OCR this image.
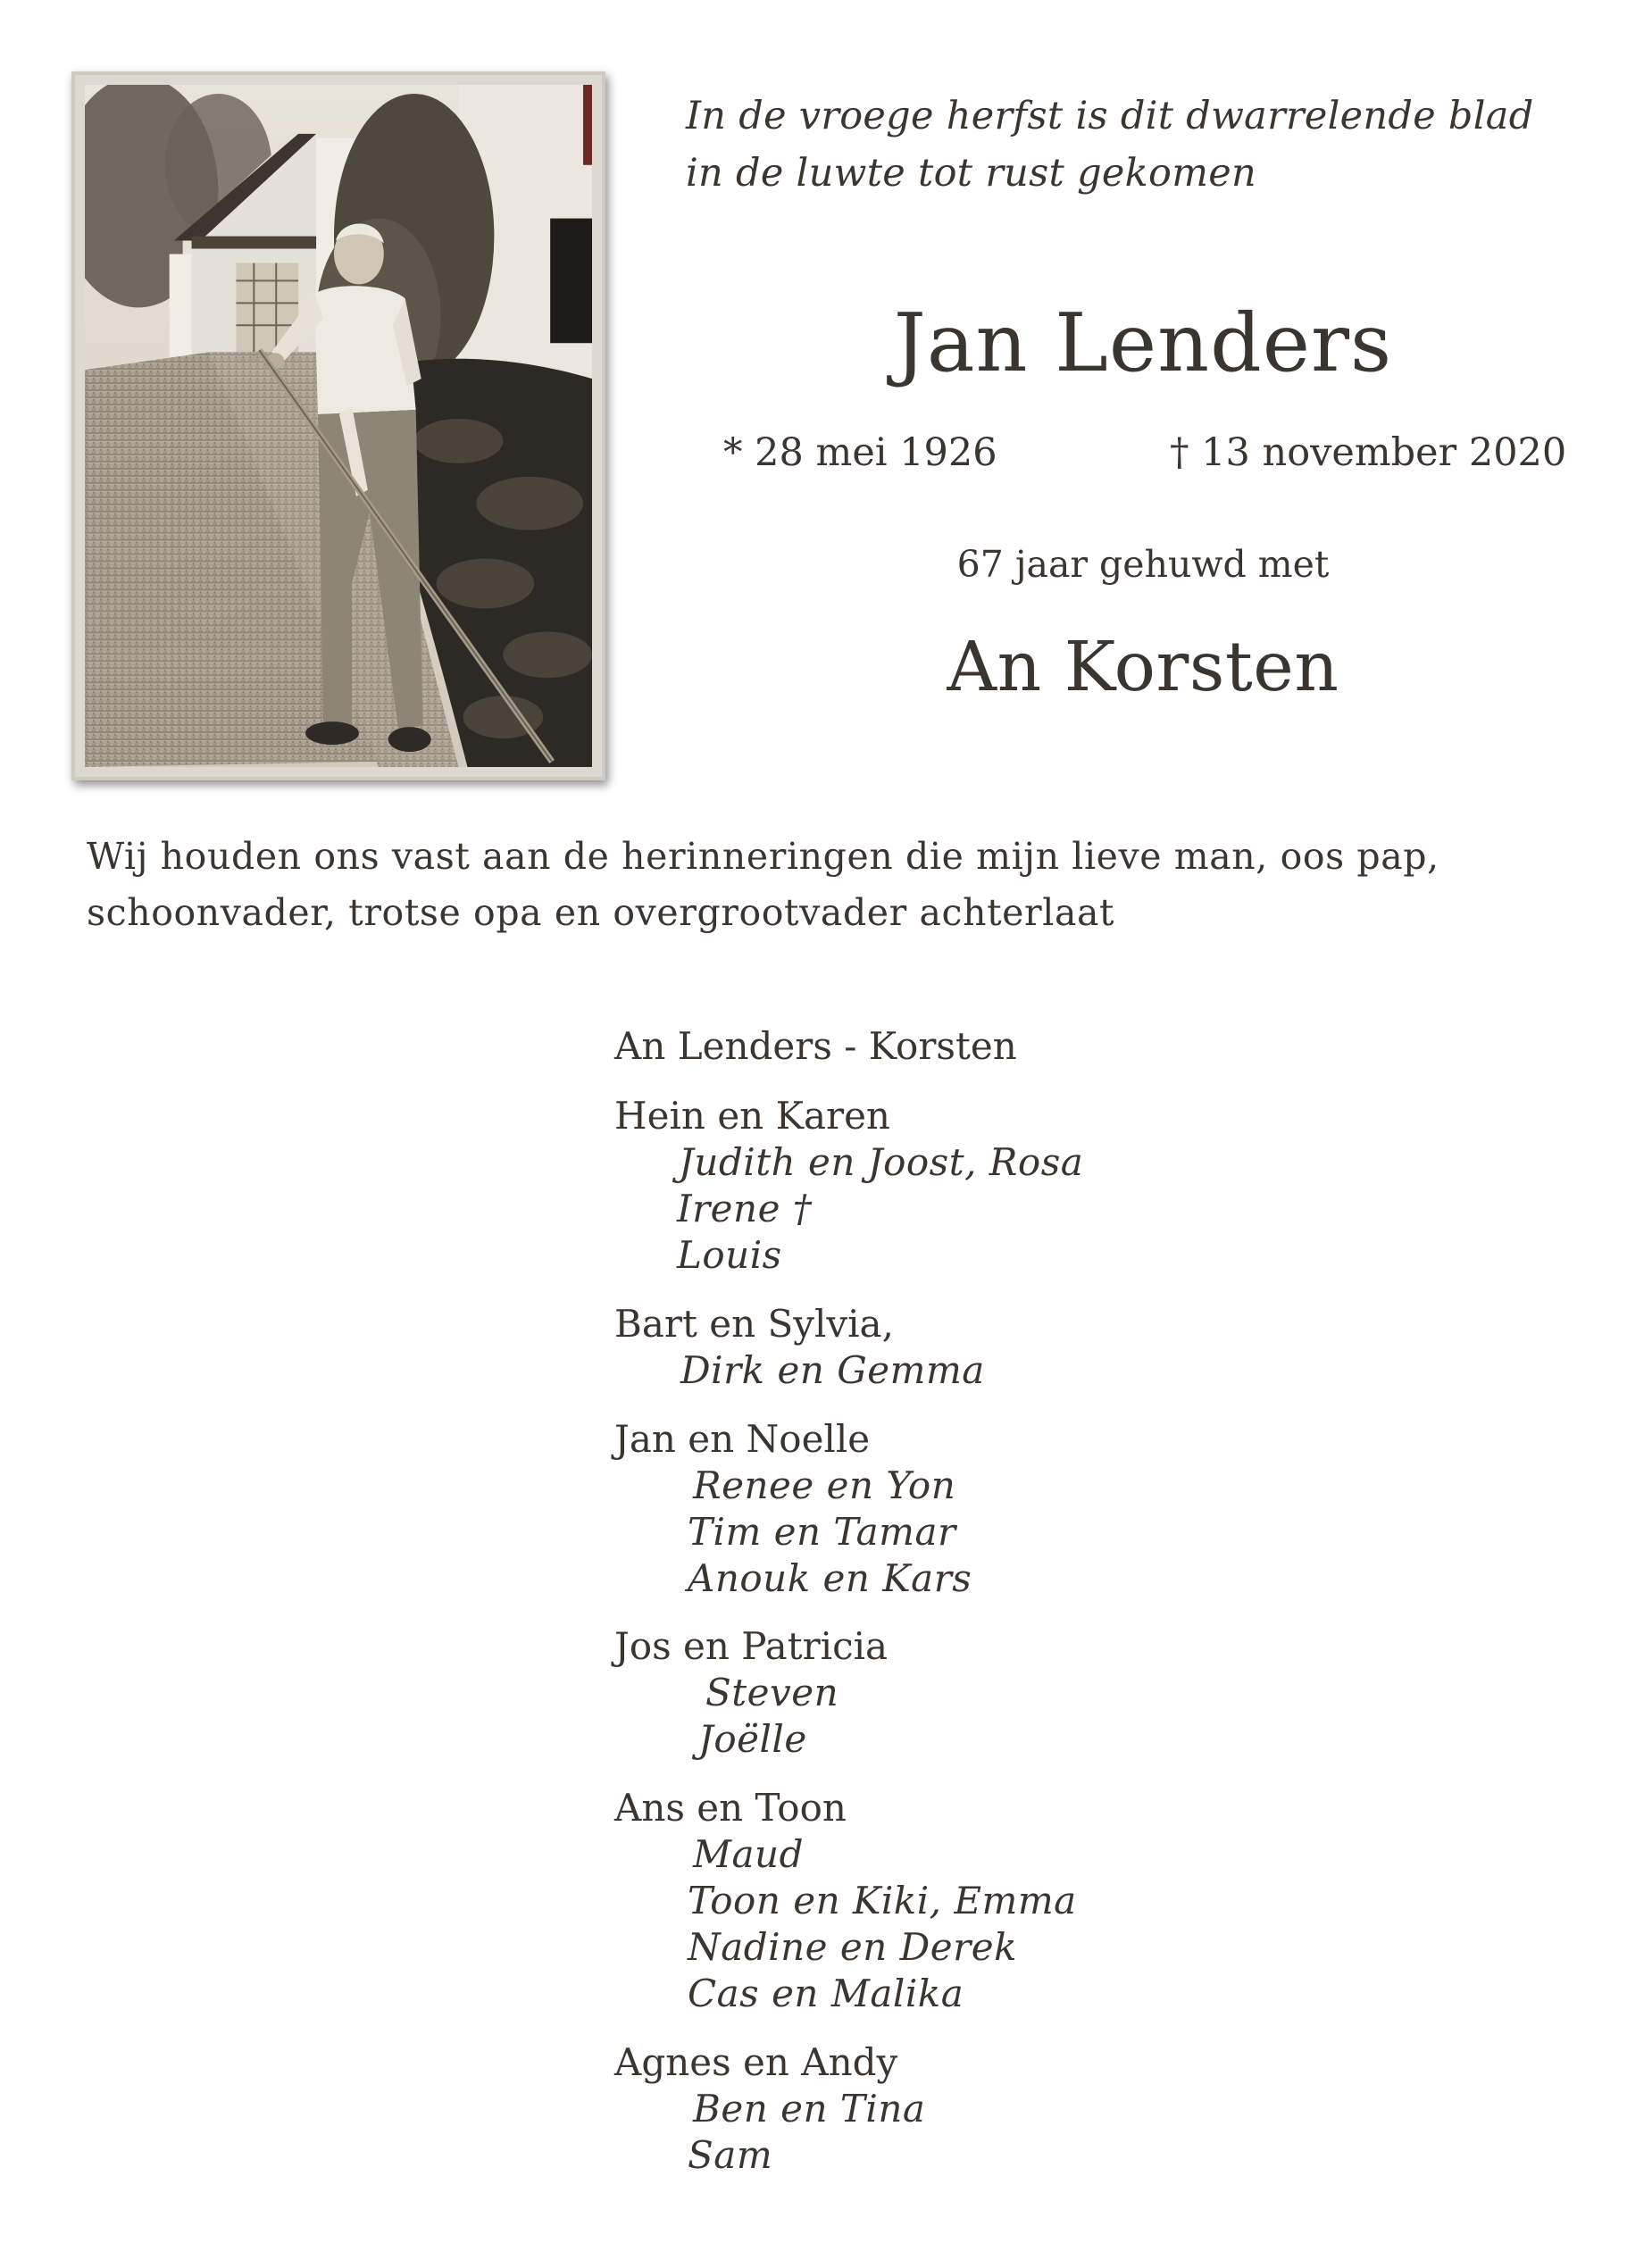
In de vroege herfst is dit dwarrelende blad
in de luwte tot rust gekomen
Jan Lenders
* 28 mei 1926	† 13 november 2020
67 jaar gehuwd met
An Korsten
Wij houden ons vast aan de herinneringen die mijn lieve man, oos pap,
schoonvader, trotse opa en overgrootvader achterlaat
An Lenders - Korsten
Hein en Karen
Judith en Joost, Rosa
Irene †
Louis
Bart en Sylvia,
Dirk en Gemma
Jan en Noelle
Renee en Yon
Tim en Tamar
Anouk en Kars
Jos en Patricia
Steven
Joëlle
Ans en Toon
Maud
Toon en Kiki, Emma
Nadine en Derek
Cas en Malika
Agnes en Andy
Ben en Tina
Sam
